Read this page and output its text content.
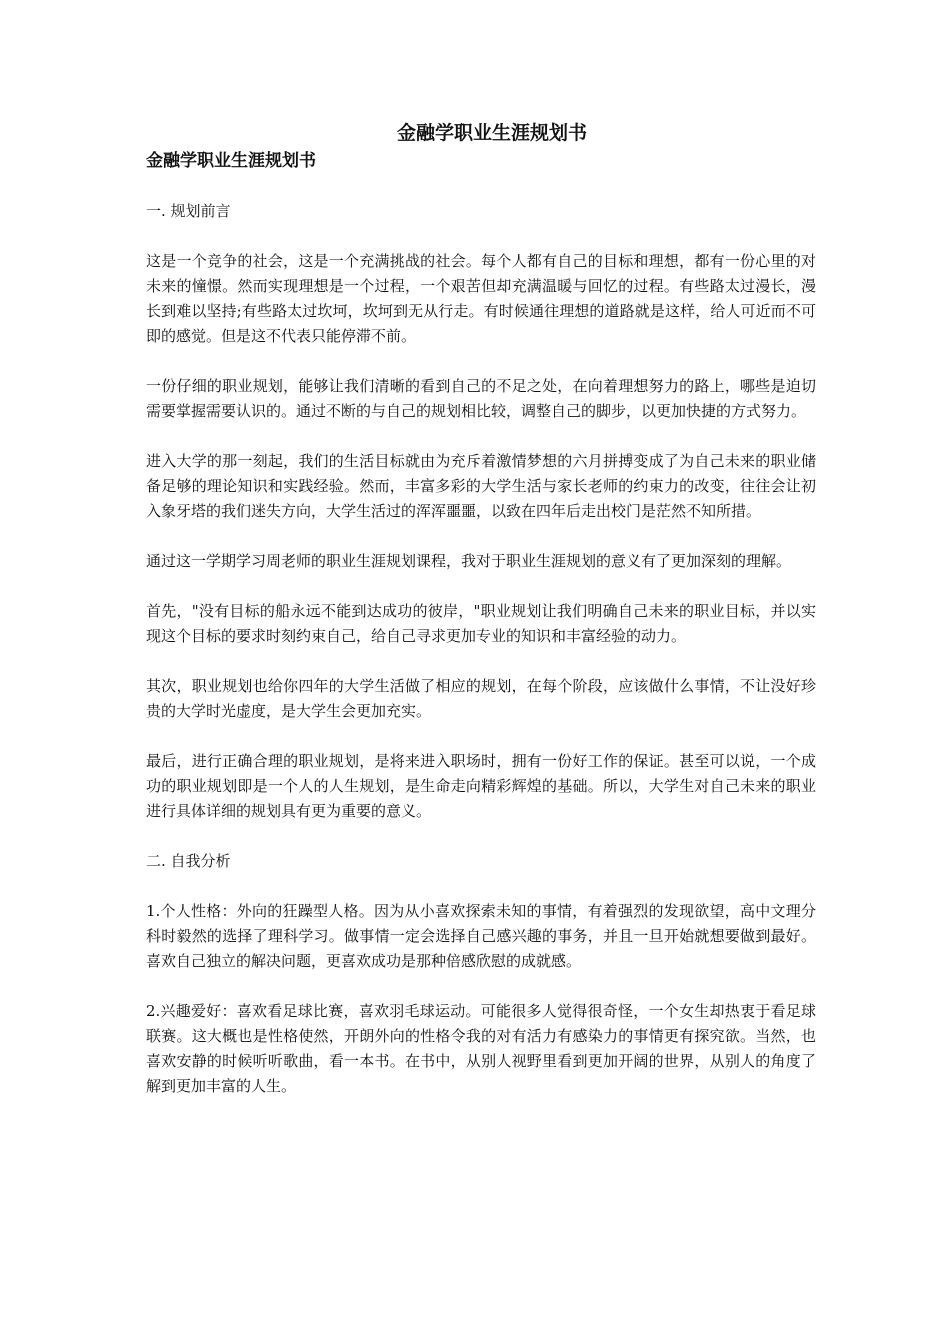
金融学职业生涯规划书
金融学职业生涯规划书

一. 规划前言

这是一个竞争的社会，这是一个充满挑战的社会。每个人都有自己的目标和理想，都有一份心里的对未来的憧憬。然而实现理想是一个过程，一个艰苦但却充满温暖与回忆的过程。有些路太过漫长，漫长到难以坚持;有些路太过坎坷，坎坷到无从行走。有时候通往理想的道路就是这样，给人可近而不可即的感觉。但是这不代表只能停滞不前。

一份仔细的职业规划，能够让我们清晰的看到自己的不足之处，在向着理想努力的路上，哪些是迫切需要掌握需要认识的。通过不断的与自己的规划相比较，调整自己的脚步，以更加快捷的方式努力。

进入大学的那一刻起，我们的生活目标就由为充斥着激情梦想的六月拼搏变成了为自己未来的职业储备足够的理论知识和实践经验。然而，丰富多彩的大学生活与家长老师的约束力的改变，往往会让初入象牙塔的我们迷失方向，大学生活过的浑浑噩噩，以致在四年后走出校门是茫然不知所措。

通过这一学期学习周老师的职业生涯规划课程，我对于职业生涯规划的意义有了更加深刻的理解。

首先，"没有目标的船永远不能到达成功的彼岸，"职业规划让我们明确自己未来的职业目标，并以实现这个目标的要求时刻约束自己，给自己寻求更加专业的知识和丰富经验的动力。

其次，职业规划也给你四年的大学生活做了相应的规划，在每个阶段，应该做什么事情，不让没好珍贵的大学时光虚度，是大学生会更加充实。

最后，进行正确合理的职业规划，是将来进入职场时，拥有一份好工作的保证。甚至可以说，一个成功的职业规划即是一个人的人生规划，是生命走向精彩辉煌的基础。所以，大学生对自己未来的职业进行具体详细的规划具有更为重要的意义。

二. 自我分析

1.个人性格：外向的狂躁型人格。因为从小喜欢探索未知的事情，有着强烈的发现欲望，高中文理分科时毅然的选择了理科学习。做事情一定会选择自己感兴趣的事务，并且一旦开始就想要做到最好。喜欢自己独立的解决问题，更喜欢成功是那种倍感欣慰的成就感。

2.兴趣爱好：喜欢看足球比赛，喜欢羽毛球运动。可能很多人觉得很奇怪，一个女生却热衷于看足球联赛。这大概也是性格使然，开朗外向的性格令我的对有活力有感染力的事情更有探究欲。当然，也喜欢安静的时候听听歌曲，看一本书。在书中，从别人视野里看到更加开阔的世界，从别人的角度了解到更加丰富的人生。
